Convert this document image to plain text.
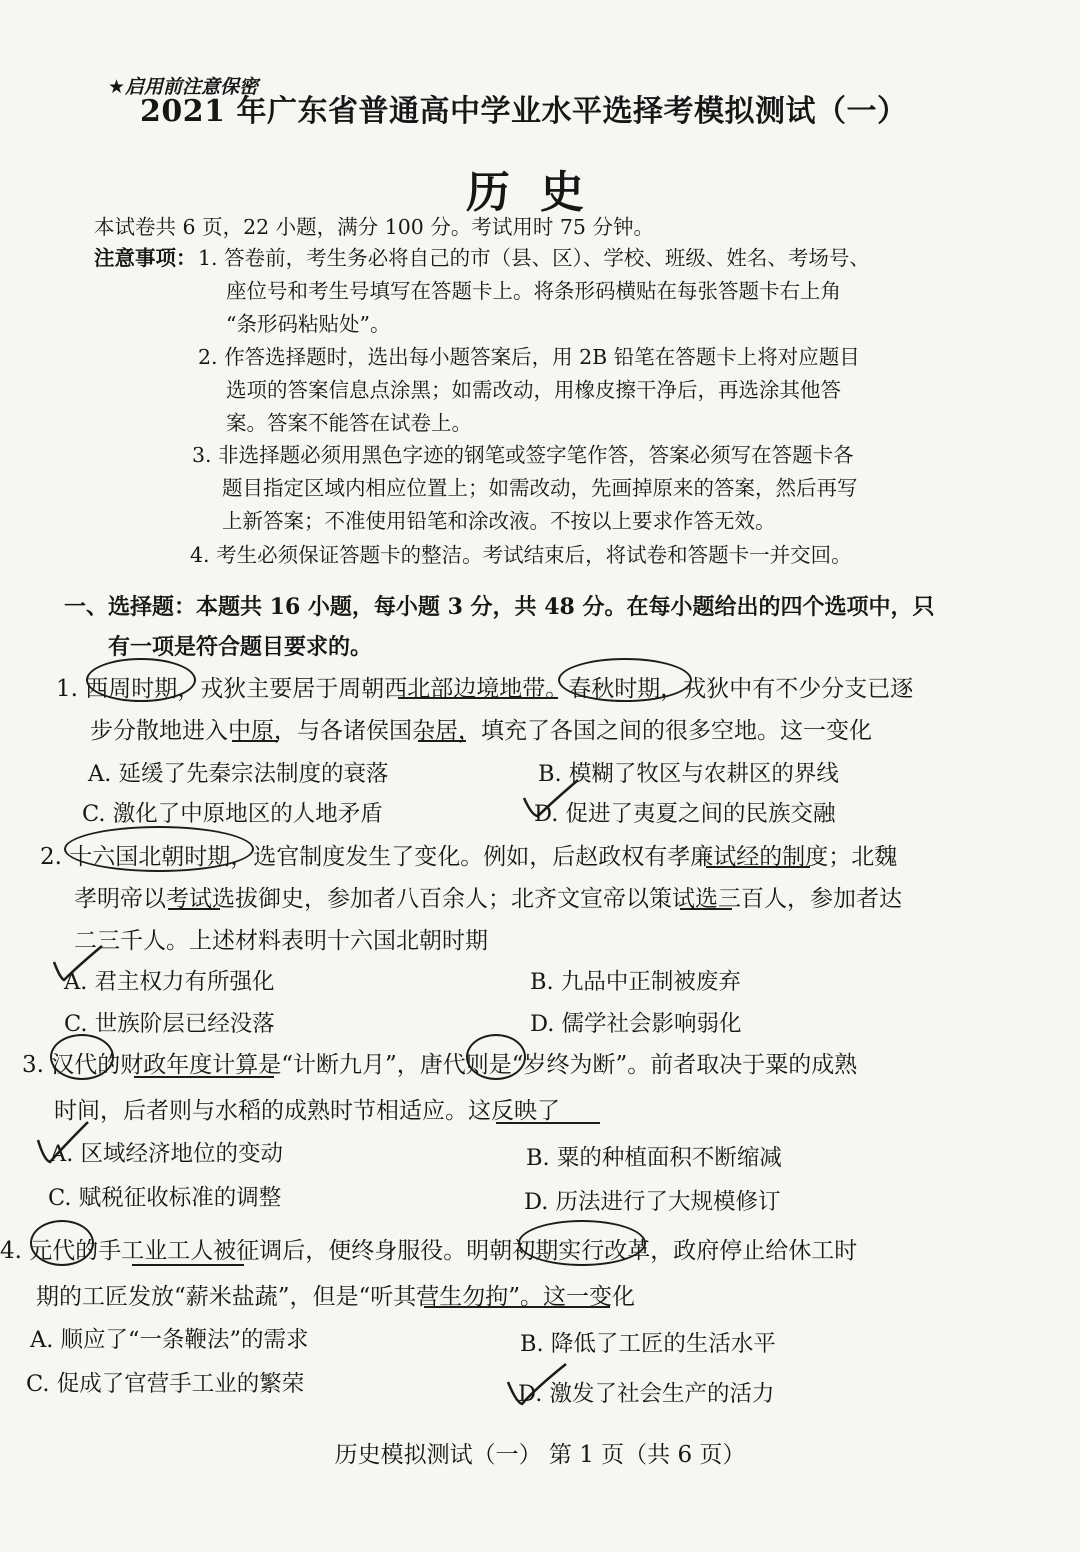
★启用前注意保密
2021 年广东省普通高中学业水平选择考模拟测试（一）
历史
本试卷共 6 页，22 小题，满分 100 分。考试用时 75 分钟。
注意事项： 1. 答卷前，考生务必将自己的市（县、区）、学校、班级、姓名、考场号、
座位号和考生号填写在答题卡上。将条形码横贴在每张答题卡右上角
“条形码粘贴处”。
2. 作答选择题时，选出每小题答案后，用 2B 铅笔在答题卡上将对应题目
选项的答案信息点涂黑；如需改动，用橡皮擦干净后，再选涂其他答
案。答案不能答在试卷上。
3. 非选择题必须用黑色字迹的钢笔或签字笔作答，答案必须写在答题卡各
题目指定区域内相应位置上；如需改动，先画掉原来的答案，然后再写
上新答案；不准使用铅笔和涂改液。不按以上要求作答无效。
4. 考生必须保证答题卡的整洁。考试结束后，将试卷和答题卡一并交回。
一、选择题：本题共 16 小题，每小题 3 分，共 48 分。在每小题给出的四个选项中，只
有一项是符合题目要求的。
1. 西周时期，戎狄主要居于周朝西北部边境地带。春秋时期，戎狄中有不少分支已逐
步分散地进入中原，与各诸侯国杂居，填充了各国之间的很多空地。这一变化
A. 延缓了先秦宗法制度的衰落	B. 模糊了牧区与农耕区的界线
C. 激化了中原地区的人地矛盾	D. 促进了夷夏之间的民族交融
2. 十六国北朝时期，选官制度发生了变化。例如，后赵政权有孝廉试经的制度；北魏
孝明帝以考试选拔御史，参加者八百余人；北齐文宣帝以策试选三百人，参加者达
二三千人。上述材料表明十六国北朝时期
A. 君主权力有所强化	B. 九品中正制被废弃
C. 世族阶层已经没落	D. 儒学社会影响弱化
3. 汉代的财政年度计算是“计断九月”，唐代则是“岁终为断”。前者取决于粟的成熟
时间，后者则与水稻的成熟时节相适应。这反映了
A. 区域经济地位的变动	B. 粟的种植面积不断缩减
C. 赋税征收标准的调整	D. 历法进行了大规模修订
4. 元代的手工业工人被征调后，便终身服役。明朝初期实行改革，政府停止给休工时
期的工匠发放“薪米盐蔬”，但是“听其营生勿拘”。这一变化
A. 顺应了“一条鞭法”的需求	B. 降低了工匠的生活水平
C. 促成了官营手工业的繁荣	D. 激发了社会生产的活力
历史模拟测试（一） 第 1 页（共 6 页）
